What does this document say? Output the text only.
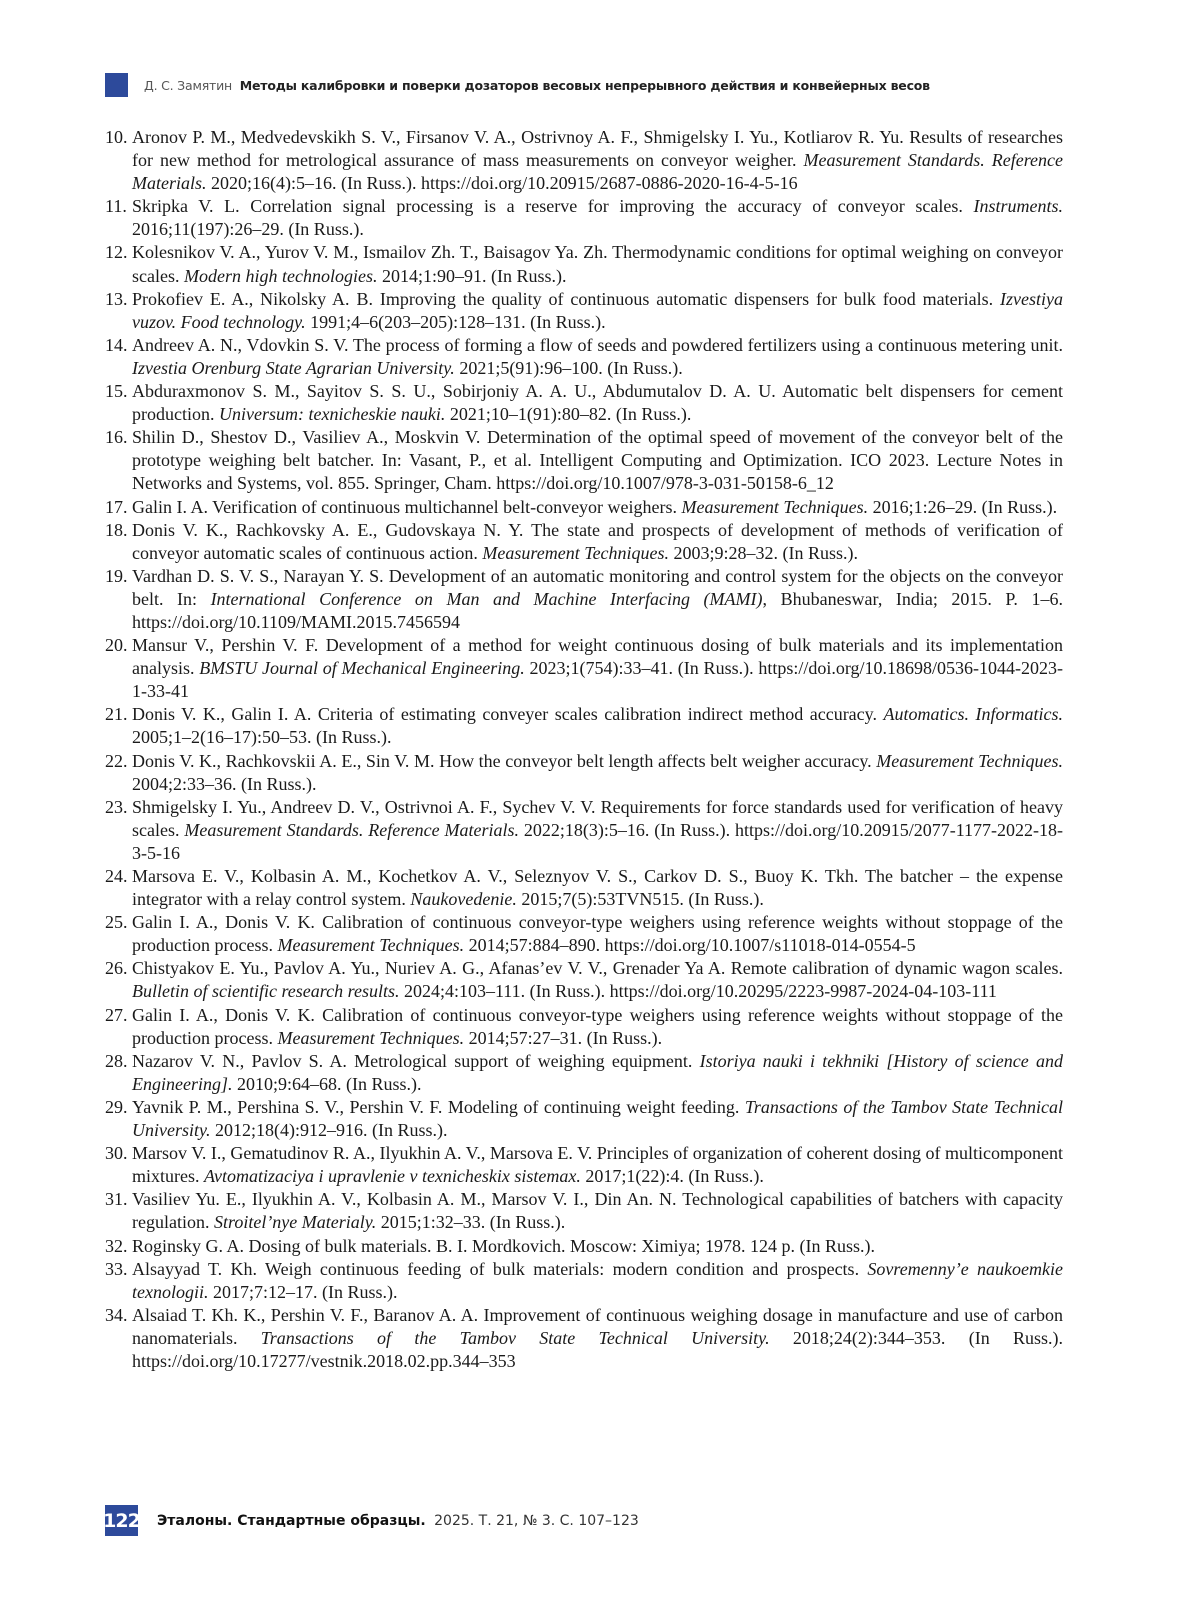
Д. С. Замятин Методы калибровки и поверки дозаторов весовых непрерывного действия и конвейерных весов
10. Aronov P. M., Medvedevskikh S. V., Firsanov V. A., Ostrivnoy A. F., Shmigelsky I. Yu., Kotliarov R. Yu. Results of researches for new method for metrological assurance of mass measurements on conveyor weigher. Measurement Standards. Reference Materials. 2020;16(4):5–16. (In Russ.). https://doi.org/10.20915/2687-0886-2020-16-4-5-16
11. Skripka V. L. Correlation signal processing is a reserve for improving the accuracy of conveyor scales. Instruments. 2016;11(197):26–29. (In Russ.).
12. Kolesnikov V. A., Yurov V. M., Ismailov Zh. T., Baisagov Ya. Zh. Thermodynamic conditions for optimal weighing on conveyor scales. Modern high technologies. 2014;1:90–91. (In Russ.).
13. Prokofiev E. A., Nikolsky A. B. Improving the quality of continuous automatic dispensers for bulk food materials. Izvestiya vuzov. Food technology. 1991;4–6(203–205):128–131. (In Russ.).
14. Andreev A. N., Vdovkin S. V. The process of forming a flow of seeds and powdered fertilizers using a continuous metering unit. Izvestia Orenburg State Agrarian University. 2021;5(91):96–100. (In Russ.).
15. Abduraxmonov S. M., Sayitov S. S. U., Sobirjoniy A. A. U., Abdumutalov D. A. U. Automatic belt dispensers for cement production. Universum: texnicheskie nauki. 2021;10–1(91):80–82. (In Russ.).
16. Shilin D., Shestov D., Vasiliev A., Moskvin V. Determination of the optimal speed of movement of the conveyor belt of the prototype weighing belt batcher. In: Vasant, P., et al. Intelligent Computing and Optimization. ICO 2023. Lecture Notes in Networks and Systems, vol. 855. Springer, Cham. https://doi.org/10.1007/978-3-031-50158-6_12
17. Galin I. A. Verification of continuous multichannel belt-conveyor weighers. Measurement Techniques. 2016;1:26–29. (In Russ.).
18. Donis V. K., Rachkovsky A. E., Gudovskaya N. Y. The state and prospects of development of methods of verification of conveyor automatic scales of continuous action. Measurement Techniques. 2003;9:28–32. (In Russ.).
19. Vardhan D. S. V. S., Narayan Y. S. Development of an automatic monitoring and control system for the objects on the conveyor belt. In: International Conference on Man and Machine Interfacing (MAMI), Bhubaneswar, India; 2015. P. 1–6. https://doi.org/10.1109/MAMI.2015.7456594
20. Mansur V., Pershin V. F. Development of a method for weight continuous dosing of bulk materials and its implementation analysis. BMSTU Journal of Mechanical Engineering. 2023;1(754):33–41. (In Russ.). https://doi.org/10.18698/0536-1044-2023-1-33-41
21. Donis V. K., Galin I. A. Criteria of estimating conveyer scales calibration indirect method accuracy. Automatics. Informatics. 2005;1–2(16–17):50–53. (In Russ.).
22. Donis V. K., Rachkovskii A. E., Sin V. M. How the conveyor belt length affects belt weigher accuracy. Measurement Techniques. 2004;2:33–36. (In Russ.).
23. Shmigelsky I. Yu., Andreev D. V., Ostrivnoi A. F., Sychev V. V. Requirements for force standards used for verification of heavy scales. Measurement Standards. Reference Materials. 2022;18(3):5–16. (In Russ.). https://doi.org/10.20915/2077-1177-2022-18-3-5-16
24. Marsova E. V., Kolbasin A. M., Kochetkov A. V., Seleznyov V. S., Carkov D. S., Buoy K. Tkh. The batcher – the expense integrator with a relay control system. Naukovedenie. 2015;7(5):53TVN515. (In Russ.).
25. Galin I. A., Donis V. K. Calibration of continuous conveyor-type weighers using reference weights without stoppage of the production process. Measurement Techniques. 2014;57:884–890. https://doi.org/10.1007/s11018-014-0554-5
26. Chistyakov E. Yu., Pavlov A. Yu., Nuriev A. G., Afanas’ev V. V., Grenader Ya A. Remote calibration of dynamic wagon scales. Bulletin of scientific research results. 2024;4:103–111. (In Russ.). https://doi.org/10.20295/2223-9987-2024-04-103-111
27. Galin I. A., Donis V. K. Calibration of continuous conveyor-type weighers using reference weights without stoppage of the production process. Measurement Techniques. 2014;57:27–31. (In Russ.).
28. Nazarov V. N., Pavlov S. A. Metrological support of weighing equipment. Istoriya nauki i tekhniki [History of science and Engineering]. 2010;9:64–68. (In Russ.).
29. Yavnik P. M., Pershina S. V., Pershin V. F. Modeling of continuing weight feeding. Transactions of the Tambov State Technical University. 2012;18(4):912–916. (In Russ.).
30. Marsov V. I., Gematudinov R. A., Ilyukhin A. V., Marsova E. V. Principles of organization of coherent dosing of multicomponent mixtures. Avtomatizaciya i upravlenie v texnicheskix sistemax. 2017;1(22):4. (In Russ.).
31. Vasiliev Yu. E., Ilyukhin A. V., Kolbasin A. M., Marsov V. I., Din An. N. Technological capabilities of batchers with capacity regulation. Stroitel’nye Materialy. 2015;1:32–33. (In Russ.).
32. Roginsky G. A. Dosing of bulk materials. B. I. Mordkovich. Moscow: Ximiya; 1978. 124 p. (In Russ.).
33. Alsayyad T. Kh. Weigh continuous feeding of bulk materials: modern condition and prospects. Sovremenny’e naukoemkie texnologii. 2017;7:12–17. (In Russ.).
34. Alsaiad T. Kh. K., Pershin V. F., Baranov A. A. Improvement of continuous weighing dosage in manufacture and use of carbon nanomaterials. Transactions of the Tambov State Technical University. 2018;24(2):344–353. (In Russ.). https://doi.org/10.17277/vestnik.2018.02.pp.344–353
122 Эталоны. Стандартные образцы. 2025. Т. 21, № 3. С. 107–123
